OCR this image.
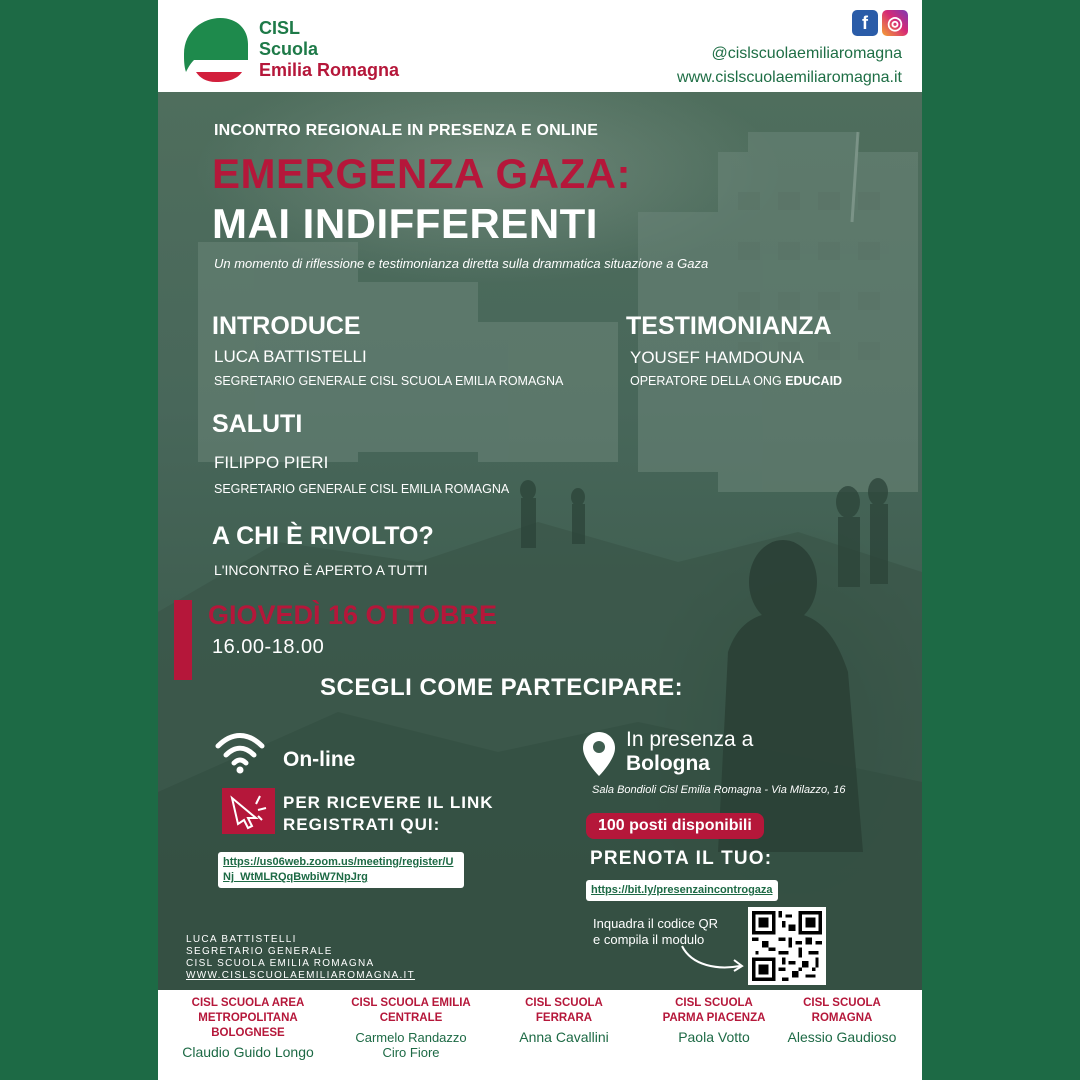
CISL
Scuola
Emilia Romagna
f	◎
@cislscuolaemiliaromagna
www.cislscuolaemiliaromagna.it
INCONTRO REGIONALE IN PRESENZA E ONLINE
EMERGENZA GAZA:
MAI INDIFFERENTI
Un momento di riflessione e testimonianza diretta sulla drammatica situazione a Gaza
INTRODUCE
LUCA BATTISTELLI
SEGRETARIO GENERALE CISL SCUOLA EMILIA ROMAGNA
TESTIMONIANZA
YOUSEF HAMDOUNA
OPERATORE DELLA ONG EDUCAID
SALUTI
FILIPPO PIERI
SEGRETARIO GENERALE CISL EMILIA ROMAGNA
A CHI È RIVOLTO?
L'INCONTRO È APERTO A TUTTI
GIOVEDÌ 16 OTTOBRE
16.00-18.00
SCEGLI COME PARTECIPARE:
On-line
PER RICEVERE IL LINK
REGISTRATI QUI:
https://us06web.zoom.us/meeting/register/UNj_WtMLRQqBwbiW7NpJrg
In presenza a
Bologna
Sala Bondioli Cisl Emilia Romagna - Via Milazzo, 16
100 posti disponibili
PRENOTA IL TUO:
https://bit.ly/presenzaincontrogaza
Inquadra il codice QR e compila il modulo
LUCA BATTISTELLI
SEGRETARIO GENERALE
CISL SCUOLA EMILIA ROMAGNA
WWW.CISLSCUOLAEMILIAROMAGNA.IT
CISL SCUOLA AREA METROPOLITANA BOLOGNESE
Claudio Guido Longo
CISL SCUOLA EMILIA CENTRALE
Carmelo Randazzo Ciro Fiore
CISL SCUOLA FERRARA
Anna Cavallini
CISL SCUOLA PARMA PIACENZA
Paola Votto
CISL SCUOLA ROMAGNA
Alessio Gaudioso
